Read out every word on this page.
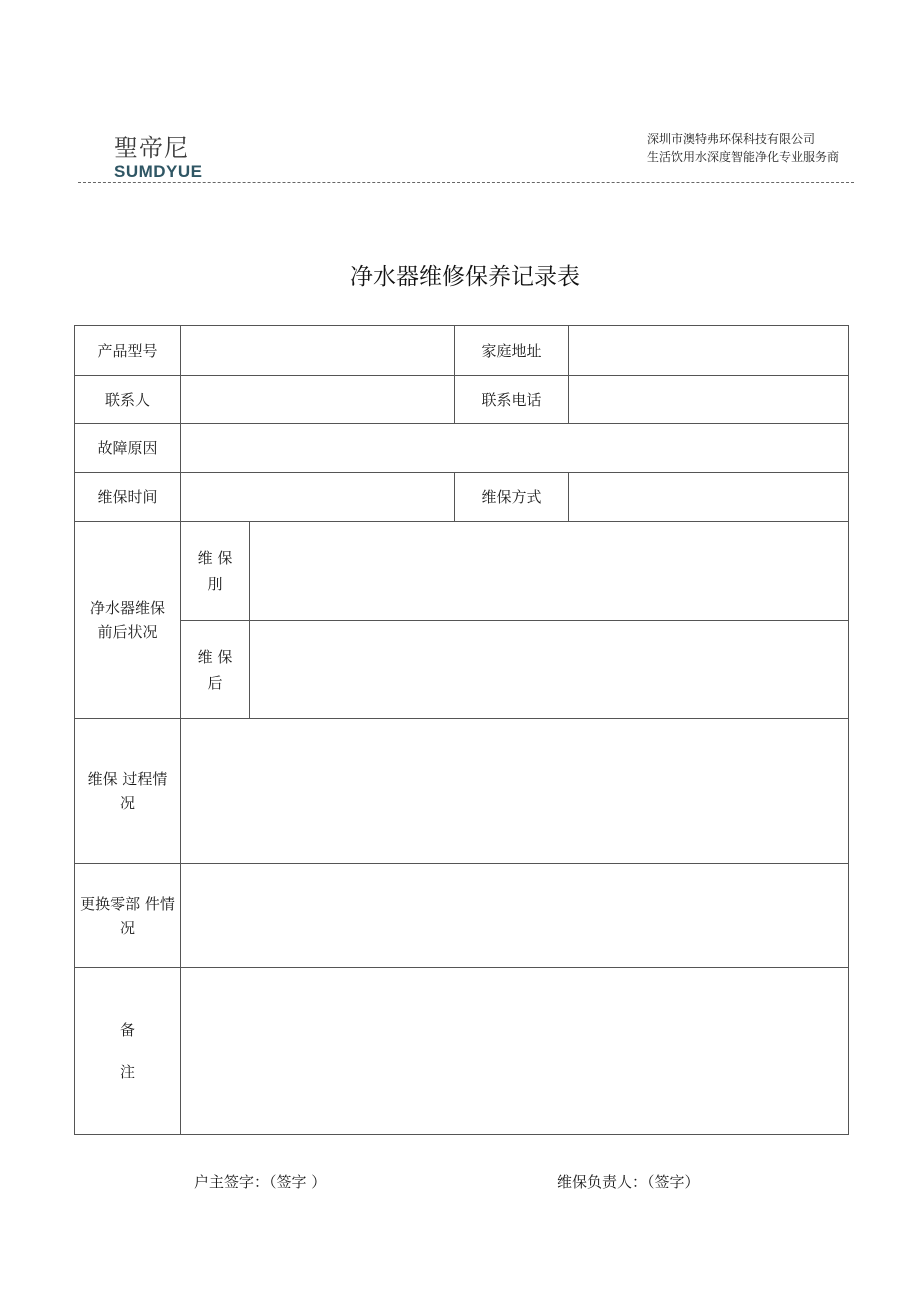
聖帝尼
SUMDYUE
深圳市澳特弗环保科技有限公司
生活饮用水深度智能净化专业服务商
净水器维修保养记录表
产品型号			家庭地址	
联系人			联系电话	
故障原因				
维保时间			维保方式	
净水器维保前后状况	维 保 刖			
	维 保 后			
维保 过程情况				
更换零部 件情况				
备 注				
户主签字：（签字 ）	维保负责人：（签字）
